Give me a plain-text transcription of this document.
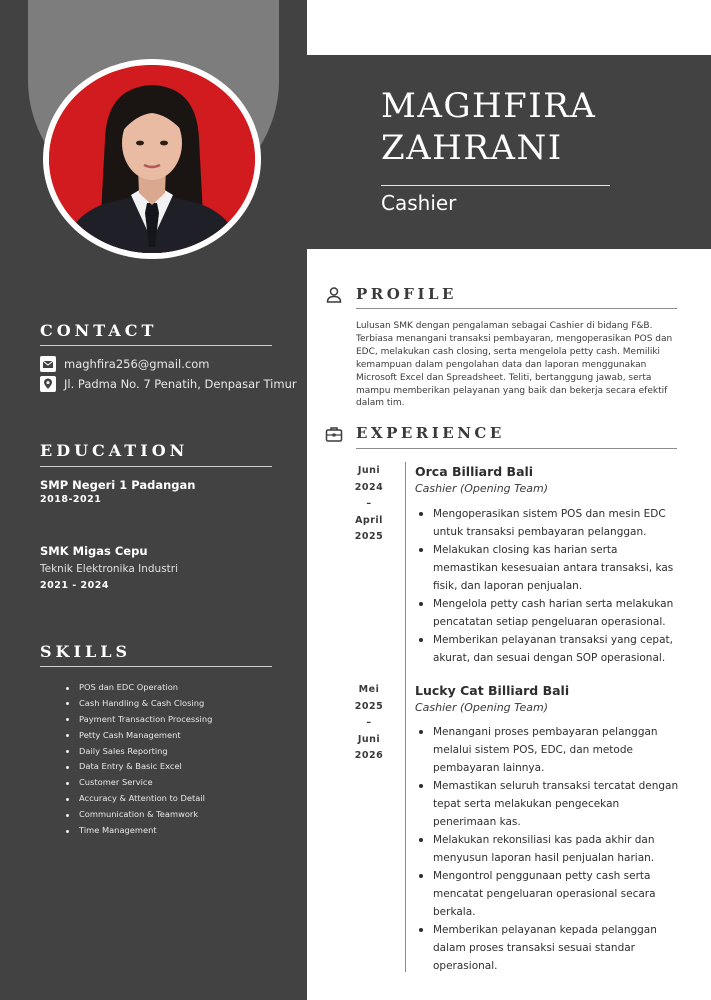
CONTACT
maghfira256@gmail.com
Jl. Padma No. 7 Penatih, Denpasar Timur
EDUCATION
SMP Negeri 1 Padangan
2018-2021
SMK Migas Cepu
Teknik Elektronika Industri
2021 - 2024
SKILLS
POS dan EDC Operation
Cash Handling & Cash Closing
Payment Transaction Processing
Petty Cash Management
Daily Sales Reporting
Data Entry & Basic Excel
Customer Service
Accuracy & Attention to Detail
Communication & Teamwork
Time Management
MAGHFIRA
ZAHRANI
Cashier
PROFILE
Lulusan SMK dengan pengalaman sebagai Cashier di bidang F&B. Terbiasa menangani transaksi pembayaran, mengoperasikan POS dan EDC, melakukan cash closing, serta mengelola petty cash. Memiliki kemampuan dalam pengolahan data dan laporan menggunakan Microsoft Excel dan Spreadsheet. Teliti, bertanggung jawab, serta mampu memberikan pelayanan yang baik dan bekerja secara efektif dalam tim.
EXPERIENCE
Juni
2024
–
April
2025
Orca Billiard Bali
Cashier (Opening Team)
Mengoperasikan sistem POS dan mesin EDC untuk transaksi pembayaran pelanggan.
Melakukan closing kas harian serta memastikan kesesuaian antara transaksi, kas fisik, dan laporan penjualan.
Mengelola petty cash harian serta melakukan pencatatan setiap pengeluaran operasional.
Memberikan pelayanan transaksi yang cepat, akurat, dan sesuai dengan SOP operasional.
Mei
2025
–
Juni
2026
Lucky Cat Billiard Bali
Cashier (Opening Team)
Menangani proses pembayaran pelanggan melalui sistem POS, EDC, dan metode pembayaran lainnya.
Memastikan seluruh transaksi tercatat dengan tepat serta melakukan pengecekan penerimaan kas.
Melakukan rekonsiliasi kas pada akhir dan menyusun laporan hasil penjualan harian.
Mengontrol penggunaan petty cash serta mencatat pengeluaran operasional secara berkala.
Memberikan pelayanan kepada pelanggan dalam proses transaksi sesuai standar operasional.
